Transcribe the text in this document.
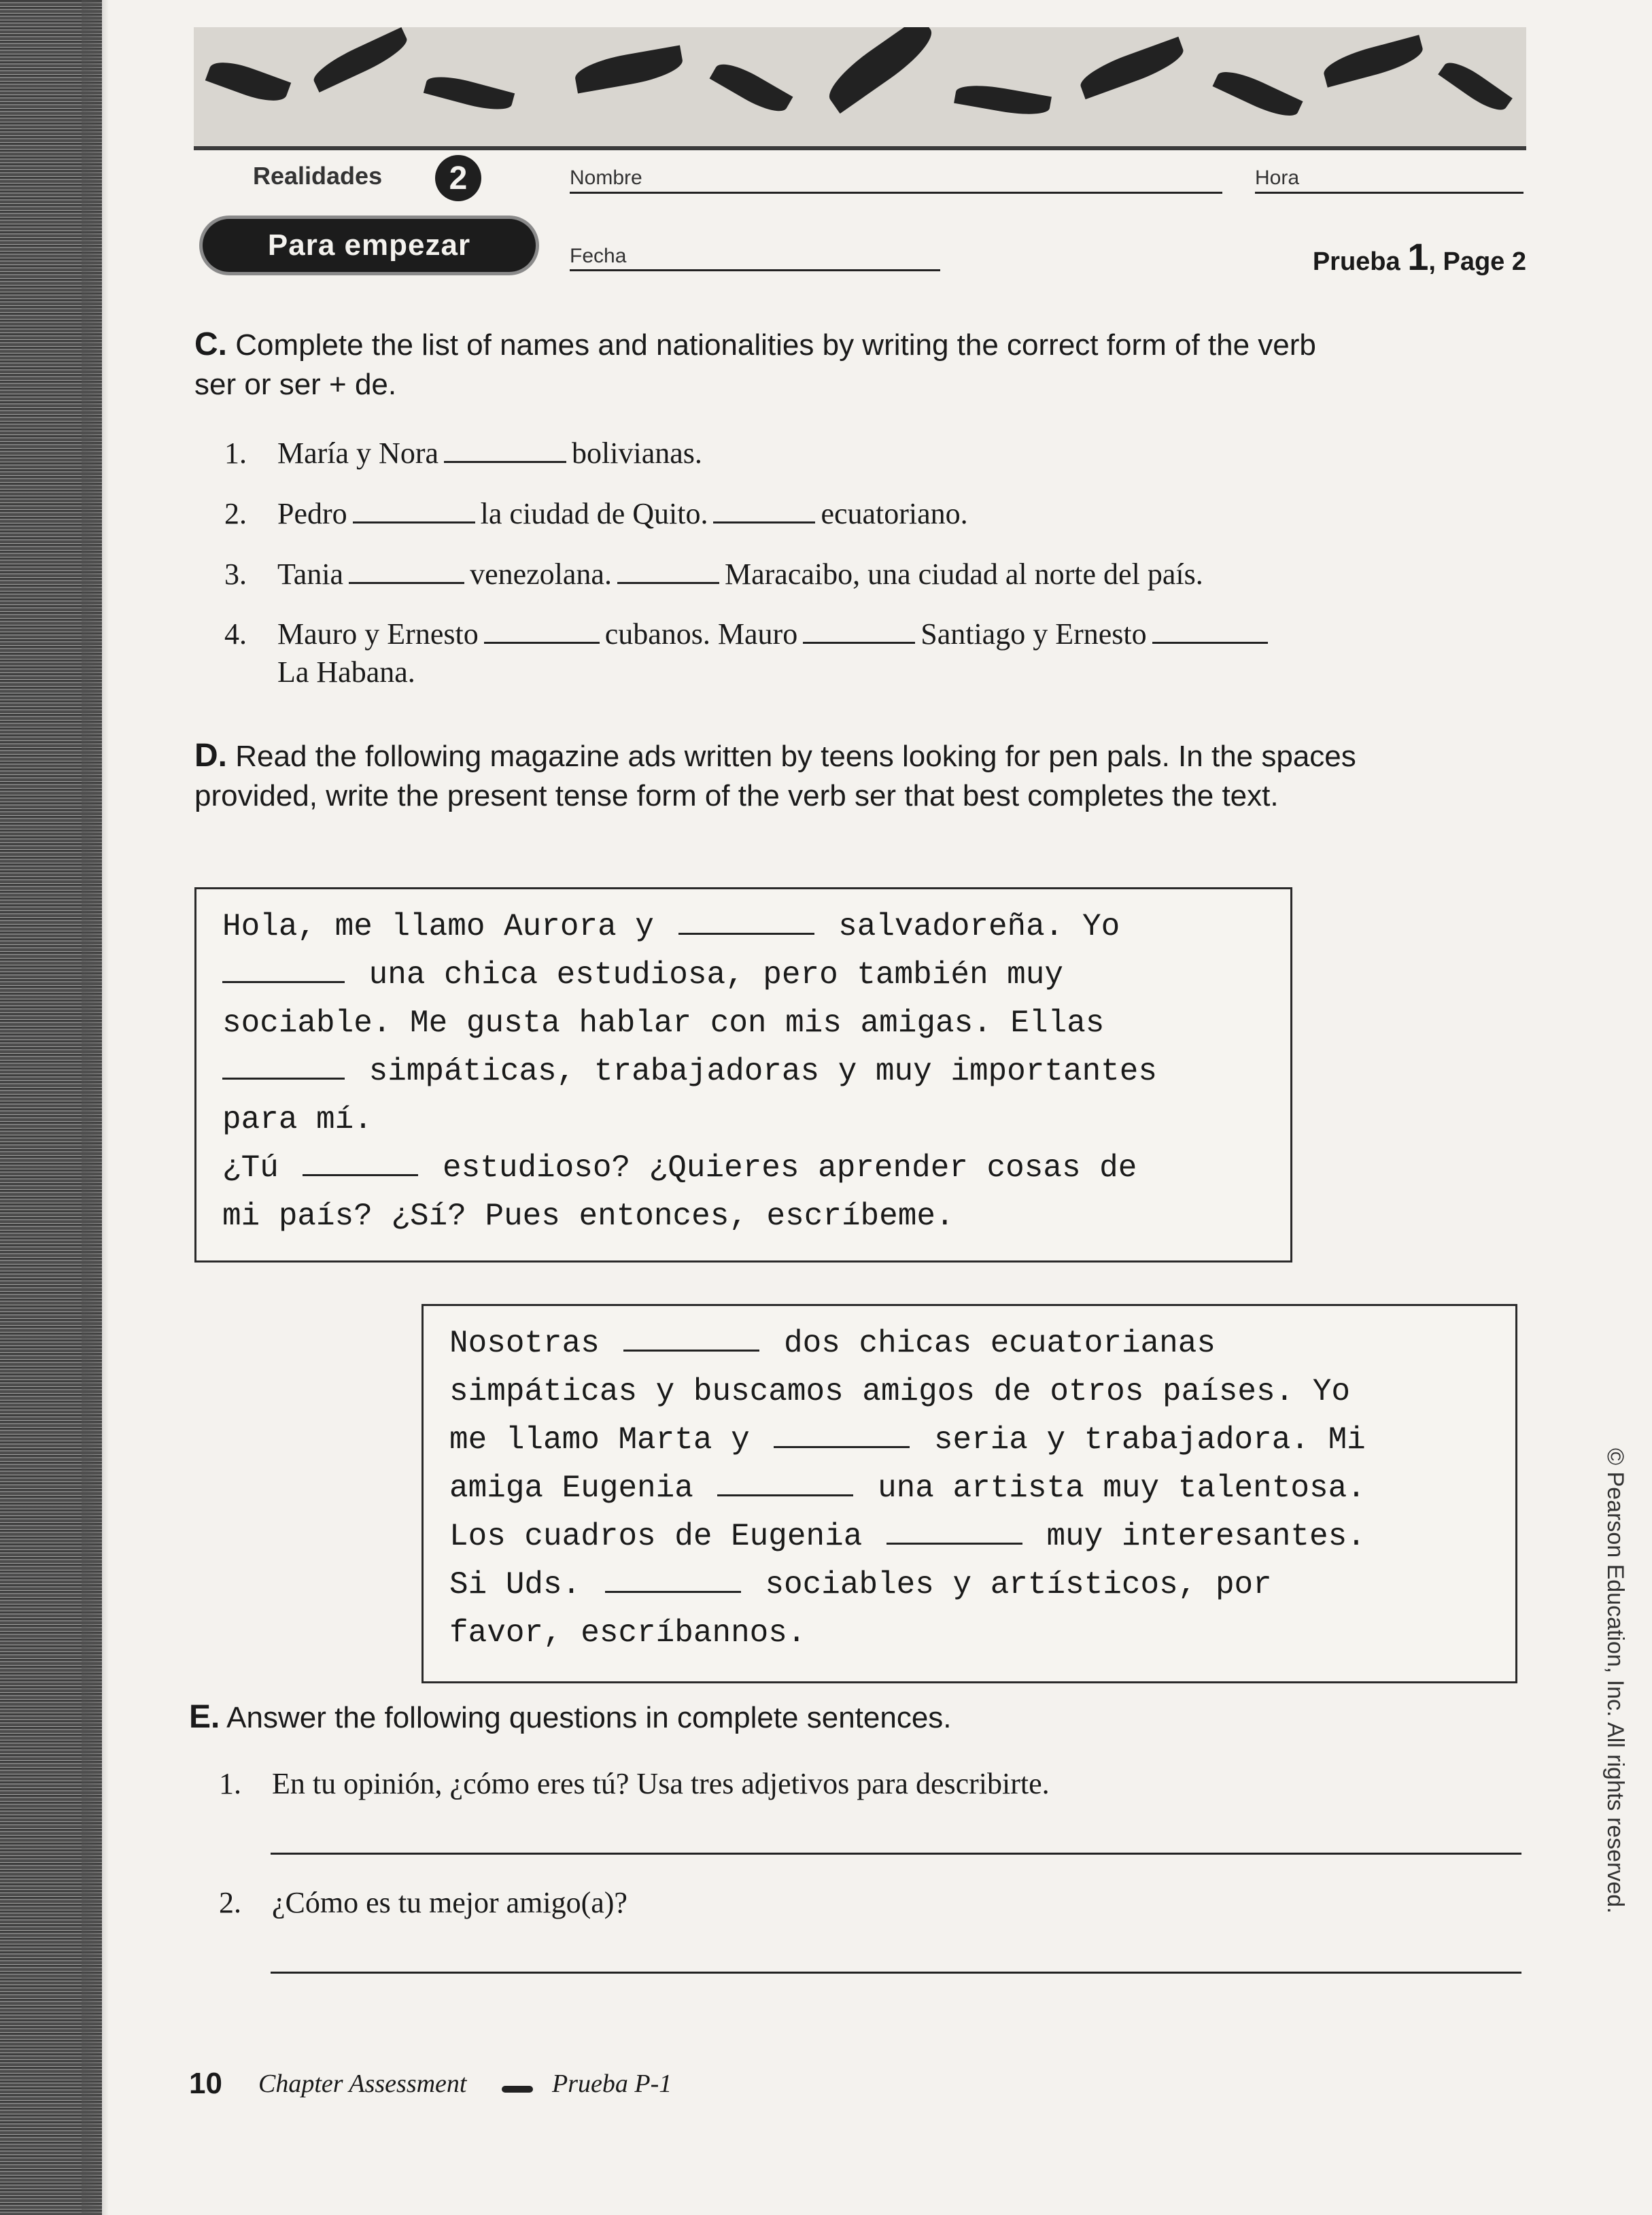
Realidades	2
Para empezar
Nombre	Hora
Fecha	Prueba 1, Page 2
C. Complete the list of names and nationalities by writing the correct form of the verb
ser or ser + de.
1. María y Nora	bolivianas.
2. Pedro	la ciudad de Quito.	ecuatoriano.
3. Tania	venezolana.	Maracaibo, una ciudad al norte del país.
4. Mauro y Ernesto	cubanos. Mauro	Santiago y Ernesto
La Habana.
D. Read the following magazine ads written by teens looking for pen pals. In the spaces
provided, write the present tense form of the verb ser that best completes the text.
Hola, me llamo Aurora y	salvadoreña. Yo
una chica estudiosa, pero también muy
sociable. Me gusta hablar con mis amigas. Ellas
simpáticas, trabajadoras y muy importantes
para mí.
¿Tú	estudioso? ¿Quieres aprender cosas de
mi país? ¿Sí? Pues entonces, escríbeme.
Nosotras	dos chicas ecuatorianas
simpáticas y buscamos amigos de otros países. Yo
me llamo Marta y	seria y trabajadora. Mi
amiga Eugenia	una artista muy talentosa.
Los cuadros de Eugenia	muy interesantes.
Si Uds.	sociables y artísticos, por
favor, escríbannos.
E. Answer the following questions in complete sentences.
1. En tu opinión, ¿cómo eres tú? Usa tres adjetivos para describirte.
2. ¿Cómo es tu mejor amigo(a)?
10 Chapter Assessment	Prueba P-1
© Pearson Education, Inc. All rights reserved.
